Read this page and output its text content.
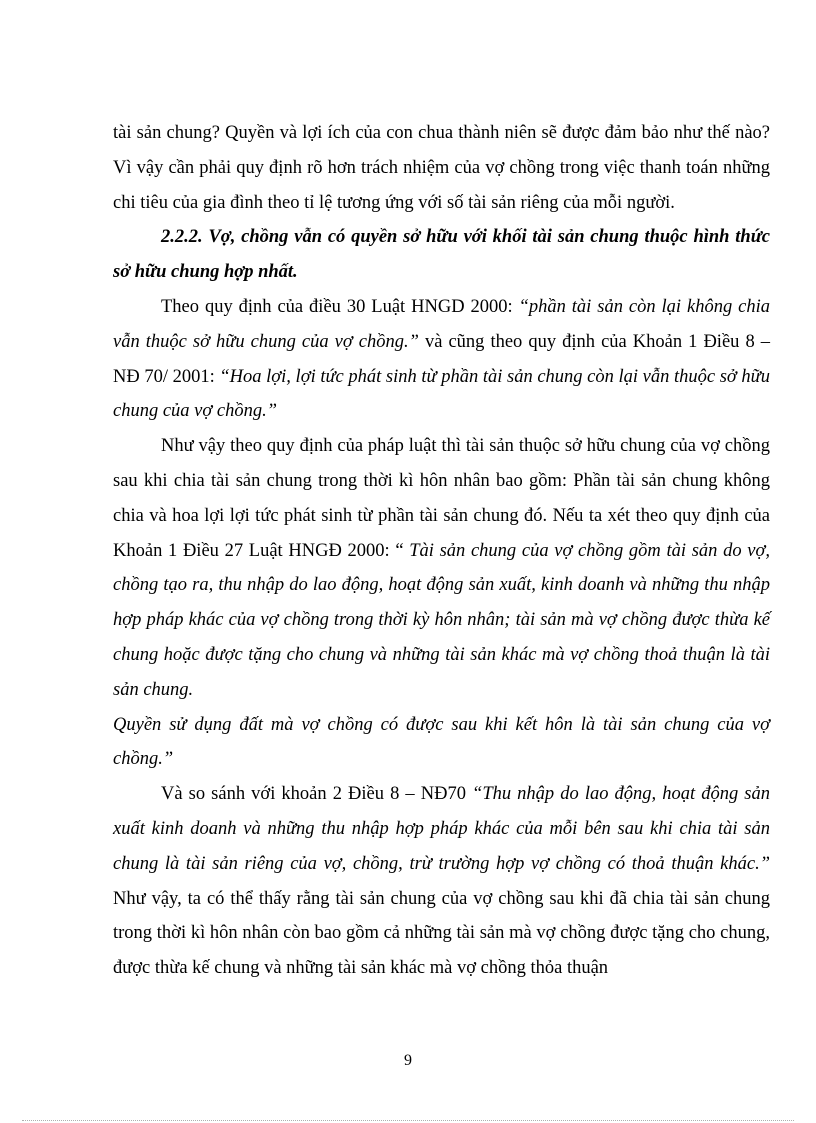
tài sản chung? Quyền và lợi ích của con chua thành niên sẽ được đảm bảo như thế nào? Vì vậy cần phải quy định rõ hơn trách nhiệm của vợ chồng trong việc thanh toán những chi tiêu của gia đình theo tỉ lệ tương ứng với số tài sản riêng của mỗi người.

2.2.2. Vợ, chồng vẫn có quyền sở hữu với khối tài sản chung thuộc hình thức sở hữu chung hợp nhất.

Theo quy định của điều 30 Luật HNGD 2000: “phần tài sản còn lại không chia vẫn thuộc sở hữu chung của vợ chồng.” và cũng theo quy định của Khoản 1 Điều 8 – NĐ 70/ 2001: “Hoa lợi, lợi tức phát sinh từ phần tài sản chung còn lại vẫn thuộc sở hữu chung của vợ chồng.”

Như vậy theo quy định của pháp luật thì tài sản thuộc sở hữu chung của vợ chồng sau khi chia tài sản chung trong thời kì hôn nhân bao gồm: Phần tài sản chung không chia và hoa lợi lợi tức phát sinh từ phần tài sản chung đó. Nếu ta xét theo quy định của Khoản 1 Điều 27 Luật HNGĐ 2000: “ Tài sản chung của vợ chồng gồm tài sản do vợ, chồng tạo ra, thu nhập do lao động, hoạt động sản xuất, kinh doanh và những thu nhập hợp pháp khác của vợ chồng trong thời kỳ hôn nhân; tài sản mà vợ chồng được thừa kế chung hoặc được tặng cho chung và những tài sản khác mà vợ chồng thoả thuận là tài sản chung.

Quyền sử dụng đất mà vợ chồng có được sau khi kết hôn là tài sản chung của vợ chồng.”

Và so sánh với khoản 2 Điều 8 – NĐ70 “Thu nhập do lao động, hoạt động sản xuất kinh doanh và những thu nhập hợp pháp khác của mỗi bên sau khi chia tài sản chung là tài sản riêng của vợ, chồng, trừ trường hợp vợ chồng có thoả thuận khác.” Như vậy, ta có thể thấy rằng tài sản chung của vợ chồng sau khi đã chia tài sản chung trong thời kì hôn nhân còn bao gồm cả những tài sản mà vợ chồng được tặng cho chung, được thừa kế chung và những tài sản khác mà vợ chồng thỏa thuận

9
